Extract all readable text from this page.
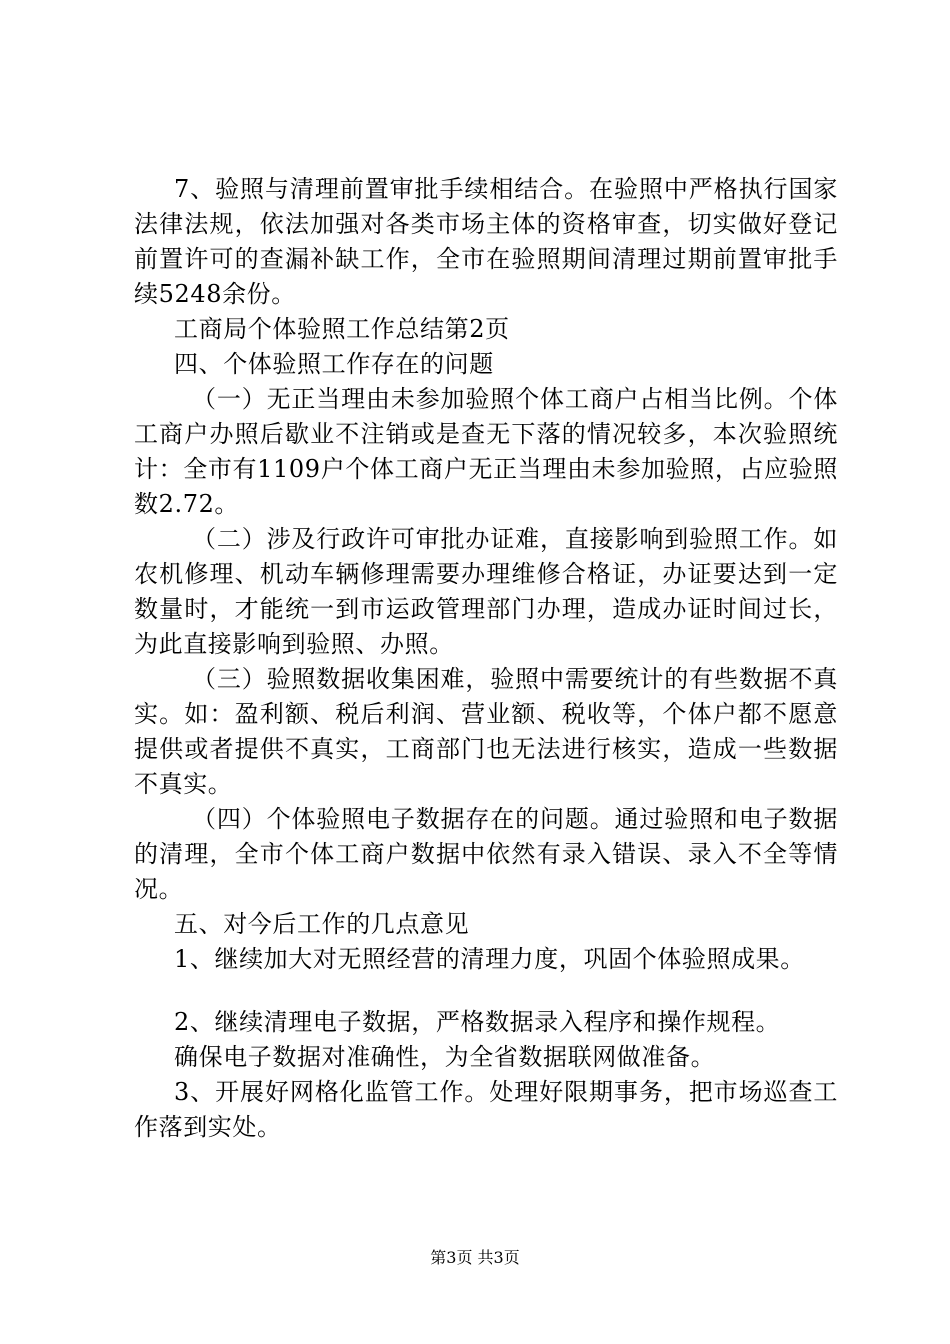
7、验照与清理前置审批手续相结合。在验照中严格执行国家法律法规，依法加强对各类市场主体的资格审查，切实做好登记前置许可的查漏补缺工作，全市在验照期间清理过期前置审批手续5248余份。

工商局个体验照工作总结第2页

四、个体验照工作存在的问题

（一）无正当理由未参加验照个体工商户占相当比例。个体工商户办照后歇业不注销或是查无下落的情况较多，本次验照统计：全市有1109户个体工商户无正当理由未参加验照，占应验照数2.72。

（二）涉及行政许可审批办证难，直接影响到验照工作。如农机修理、机动车辆修理需要办理维修合格证，办证要达到一定数量时，才能统一到市运政管理部门办理，造成办证时间过长，为此直接影响到验照、办照。

（三）验照数据收集困难，验照中需要统计的有些数据不真实。如：盈利额、税后利润、营业额、税收等，个体户都不愿意提供或者提供不真实，工商部门也无法进行核实，造成一些数据不真实。

（四）个体验照电子数据存在的问题。通过验照和电子数据的清理，全市个体工商户数据中依然有录入错误、录入不全等情况。

五、对今后工作的几点意见

1、继续加大对无照经营的清理力度，巩固个体验照成果。

2、继续清理电子数据，严格数据录入程序和操作规程。

确保电子数据对准确性，为全省数据联网做准备。

3、开展好网格化监管工作。处理好限期事务，把市场巡查工作落到实处。

第3页 共3页
